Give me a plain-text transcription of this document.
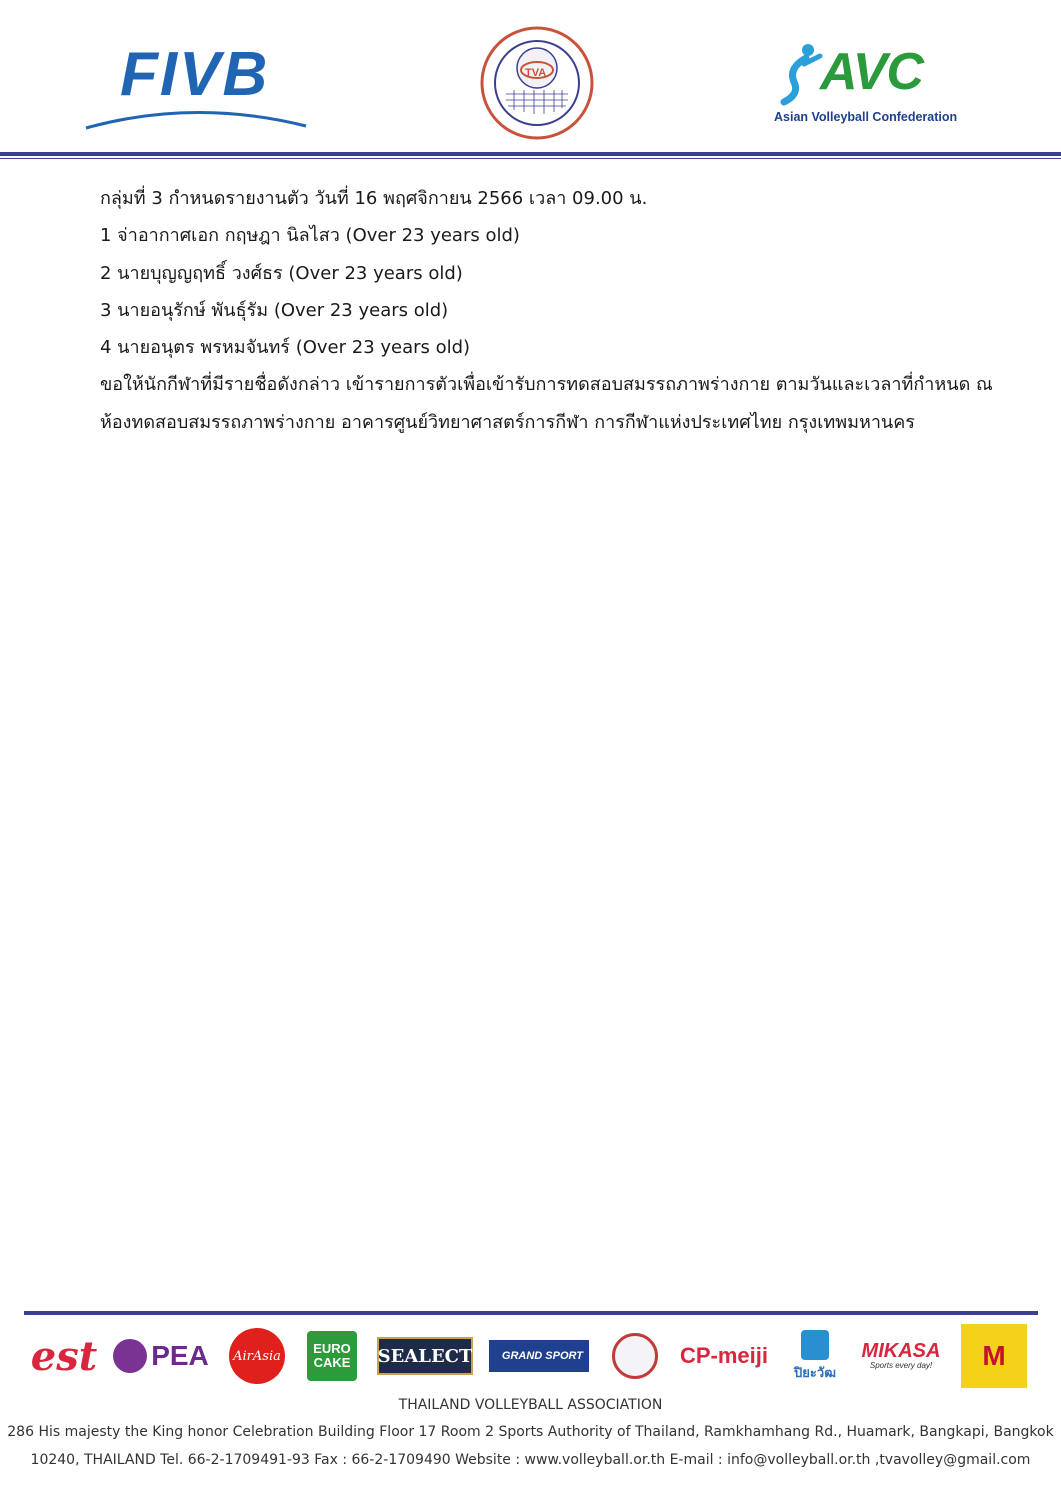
FIVB	TVA	AVC
Asian Volleyball Confederation

กลุ่มที่ 3 กำหนดรายงานตัว วันที่ 16 พฤศจิกายน 2566 เวลา 09.00 น.

1 จ่าอากาศเอก กฤษฎา นิลไสว (Over 23 years old)

2 นายบุญญฤทธิ์ วงศ์ธร (Over 23 years old)

3 นายอนุรักษ์ พันธุ์รัม (Over 23 years old)

4 นายอนุตร พรหมจันทร์ (Over 23 years old)

ขอให้นักกีฬาที่มีรายชื่อดังกล่าว เข้ารายการตัวเพื่อเข้ารับการทดสอบสมรรถภาพร่างกาย ตามวันและเวลาที่กำหนด ณ

ห้องทดสอบสมรรถภาพร่างกาย อาคารศูนย์วิทยาศาสตร์การกีฬา การกีฬาแห่งประเทศไทย กรุงเทพมหานคร

est PEA	AirAsia	EURO CAKE	SEALECT	GRAND SPORT	CP-meiji
ปิยะวัฒ
MIKASA
Sports every day!	M

THAILAND VOLLEYBALL ASSOCIATION

286 His majesty the King honor Celebration Building Floor 17 Room 2 Sports Authority of Thailand, Ramkhamhang Rd., Huamark, Bangkapi, Bangkok

10240, THAILAND Tel. 66-2-1709491-93 Fax : 66-2-1709490 Website : www.volleyball.or.th E-mail : info@volleyball.or.th ,tvavolley@gmail.com
